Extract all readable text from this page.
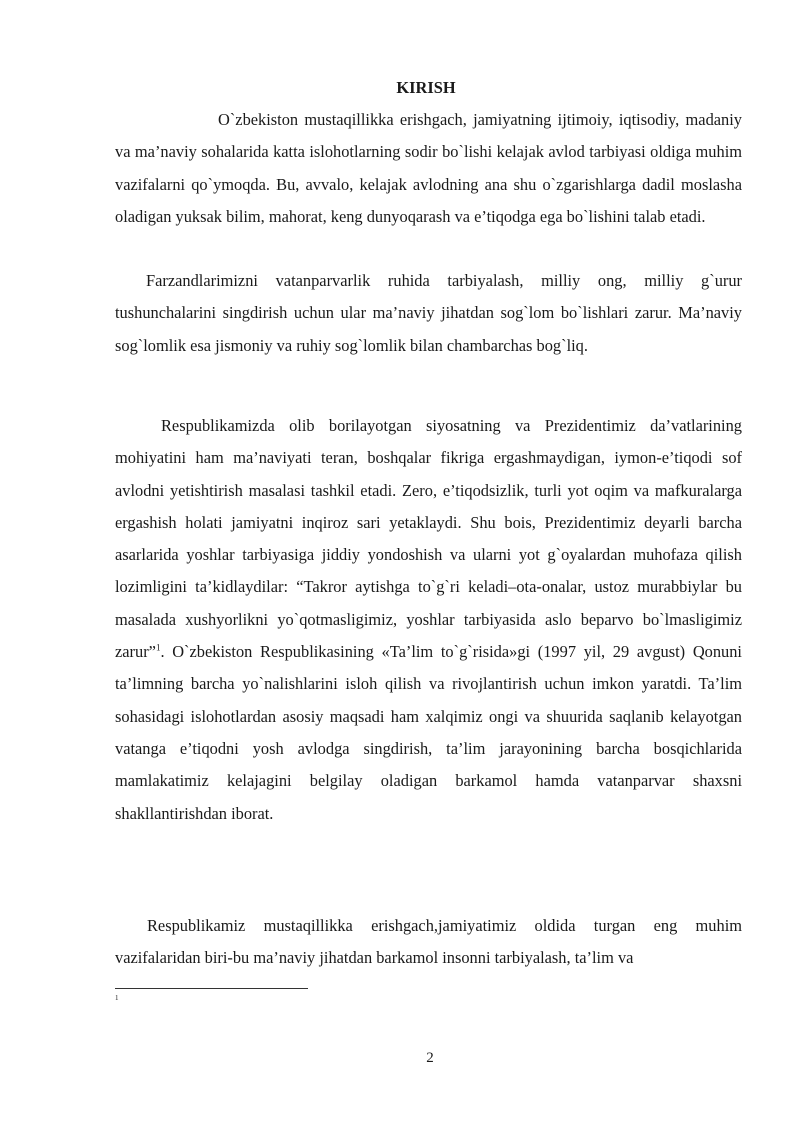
KIRISH

O`zbekiston mustaqillikka erishgach, jamiyatning ijtimoiy, iqtisodiy, madaniy va ma’naviy sohalarida katta islohotlarning sodir bo`lishi kelajak avlod tarbiyasi oldiga muhim vazifalarni qo`ymoqda. Bu, avvalo, kelajak avlodning ana shu o`zgarishlarga dadil moslasha oladigan yuksak bilim, mahorat, keng dunyoqarash va e’tiqodga ega bo`lishini talab etadi.

Farzandlarimizni vatanparvarlik ruhida tarbiyalash, milliy ong, milliy g`urur tushunchalarini singdirish uchun ular ma’naviy jihatdan sog`lom bo`lishlari zarur. Ma’naviy sog`lomlik esa jismoniy va ruhiy sog`lomlik bilan chambarchas bog`liq.

Respublikamizda olib borilayotgan siyosatning va Prezidentimiz da’vatlarining mohiyatini ham ma’naviyati teran, boshqalar fikriga ergashmaydigan, iymon-e’tiqodi sof avlodni yetishtirish masalasi tashkil etadi. Zero, e’tiqodsizlik, turli yot oqim va mafkuralarga ergashish holati jamiyatni inqiroz sari yetaklaydi. Shu bois, Prezidentimiz deyarli barcha asarlarida yoshlar tarbiyasiga jiddiy yondoshish va ularni yot g`oyalardan muhofaza qilish lozimligini ta’kidlaydilar: “Takror aytishga to`g`ri keladi–ota-onalar, ustoz murabbiylar bu masalada xushyorlikni yo`qotmasligimiz, yoshlar tarbiyasida aslo beparvo bo`lmasligimiz zarur”$^1$. O`zbekiston Respublikasining «Ta’lim to`g`risida»gi (1997 yil, 29 avgust) Qonuni ta’limning barcha yo`nalishlarini isloh qilish va rivojlantirish uchun imkon yaratdi. Ta’lim sohasidagi islohotlardan asosiy maqsadi ham xalqimiz ongi va shuurida saqlanib kelayotgan vatanga e’tiqodni yosh avlodga singdirish, ta’lim jarayonining barcha bosqichlarida mamlakatimiz kelajagini belgilay oladigan barkamol hamda vatanparvar shaxsni shakllantirishdan iborat.

Respublikamiz mustaqillikka erishgach,jamiyatimiz oldida turgan eng muhim vazifalaridan biri-bu ma’naviy jihatdan barkamol insonni tarbiyalash, ta’lim va

1
2
